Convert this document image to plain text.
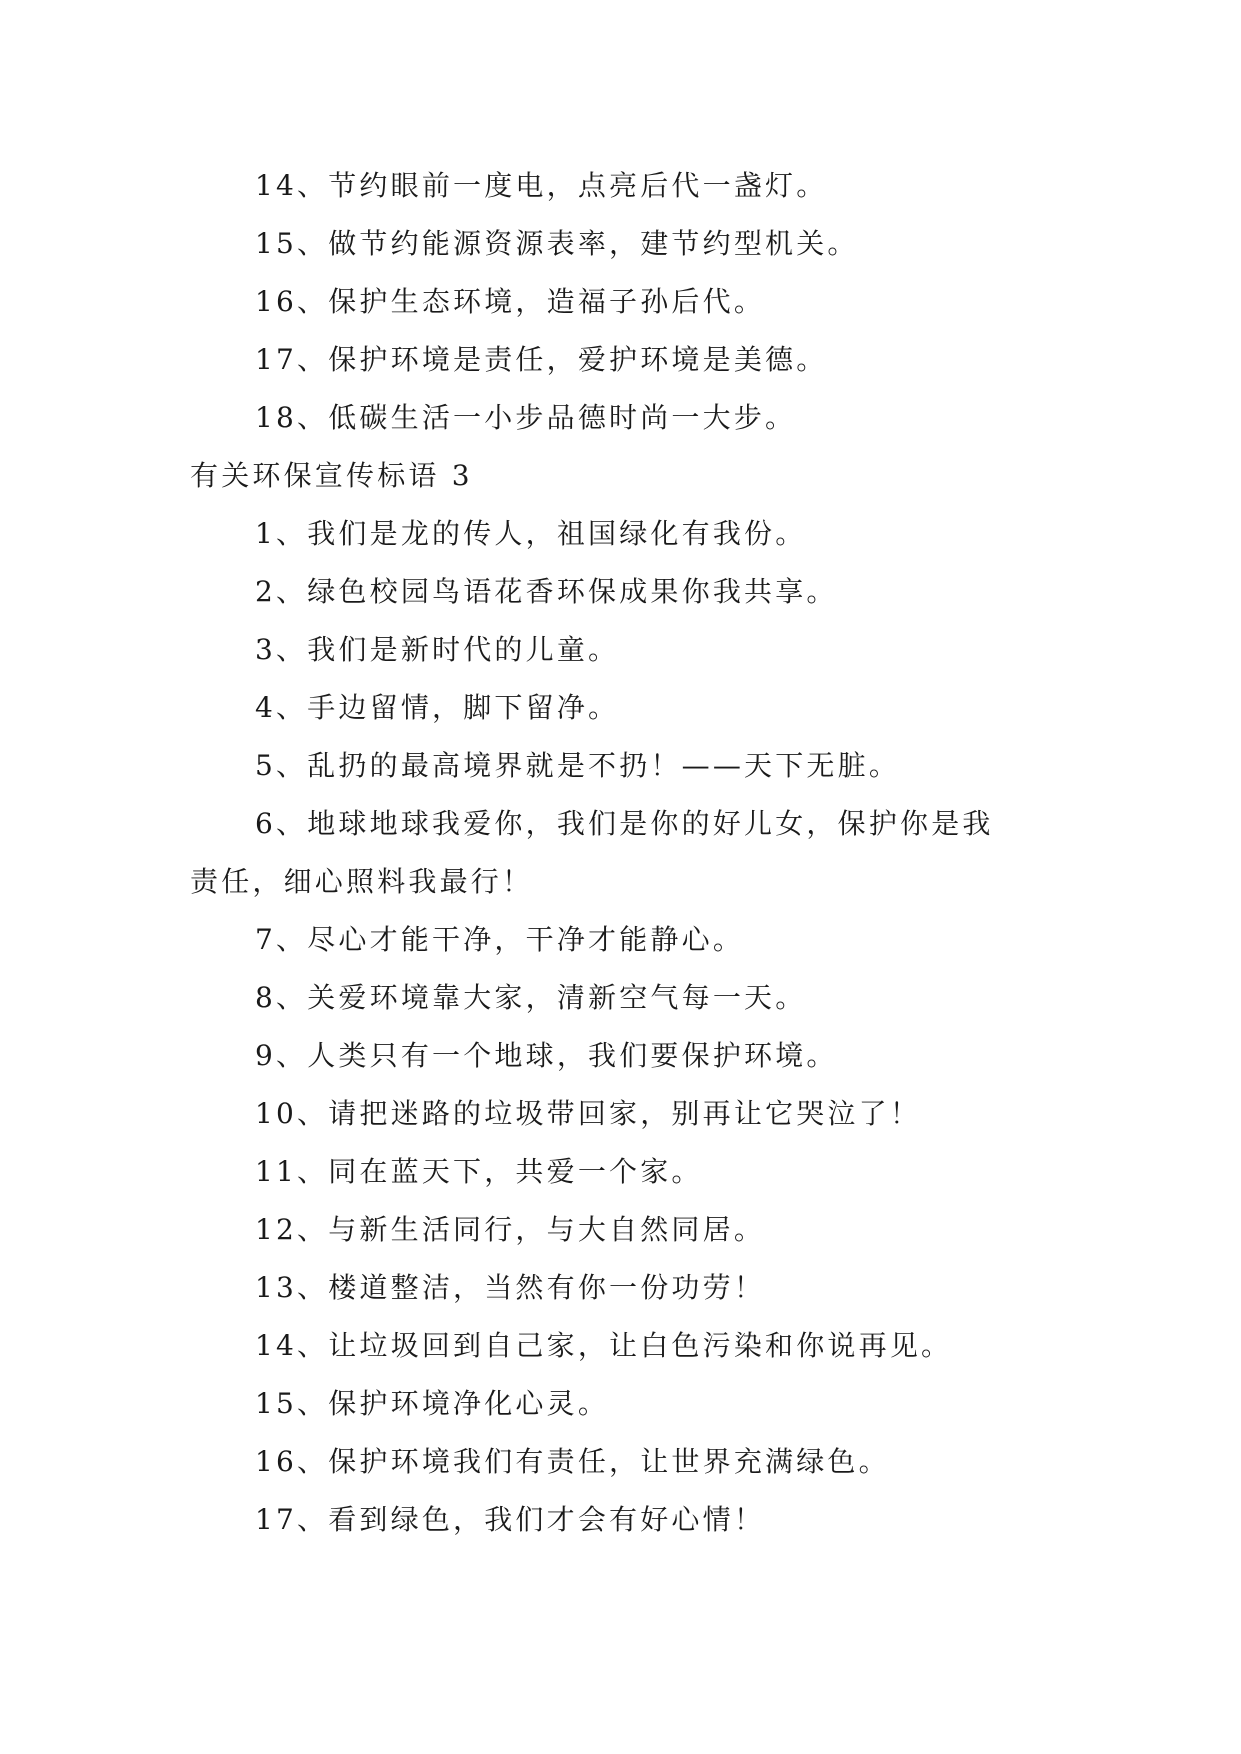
14、节约眼前一度电，点亮后代一盏灯。
15、做节约能源资源表率，建节约型机关。
16、保护生态环境，造福子孙后代。
17、保护环境是责任，爱护环境是美德。
18、低碳生活一小步品德时尚一大步。
有关环保宣传标语 3
1、我们是龙的传人，祖国绿化有我份。
2、绿色校园鸟语花香环保成果你我共享。
3、我们是新时代的儿童。
4、手边留情，脚下留净。
5、乱扔的最高境界就是不扔！——天下无脏。
6、地球地球我爱你，我们是你的好儿女，保护你是我
责任，细心照料我最行！
7、尽心才能干净，干净才能静心。
8、关爱环境靠大家，清新空气每一天。
9、人类只有一个地球，我们要保护环境。
10、请把迷路的垃圾带回家，别再让它哭泣了！
11、同在蓝天下，共爱一个家。
12、与新生活同行，与大自然同居。
13、楼道整洁，当然有你一份功劳！
14、让垃圾回到自己家，让白色污染和你说再见。
15、保护环境净化心灵。
16、保护环境我们有责任，让世界充满绿色。
17、看到绿色，我们才会有好心情！
